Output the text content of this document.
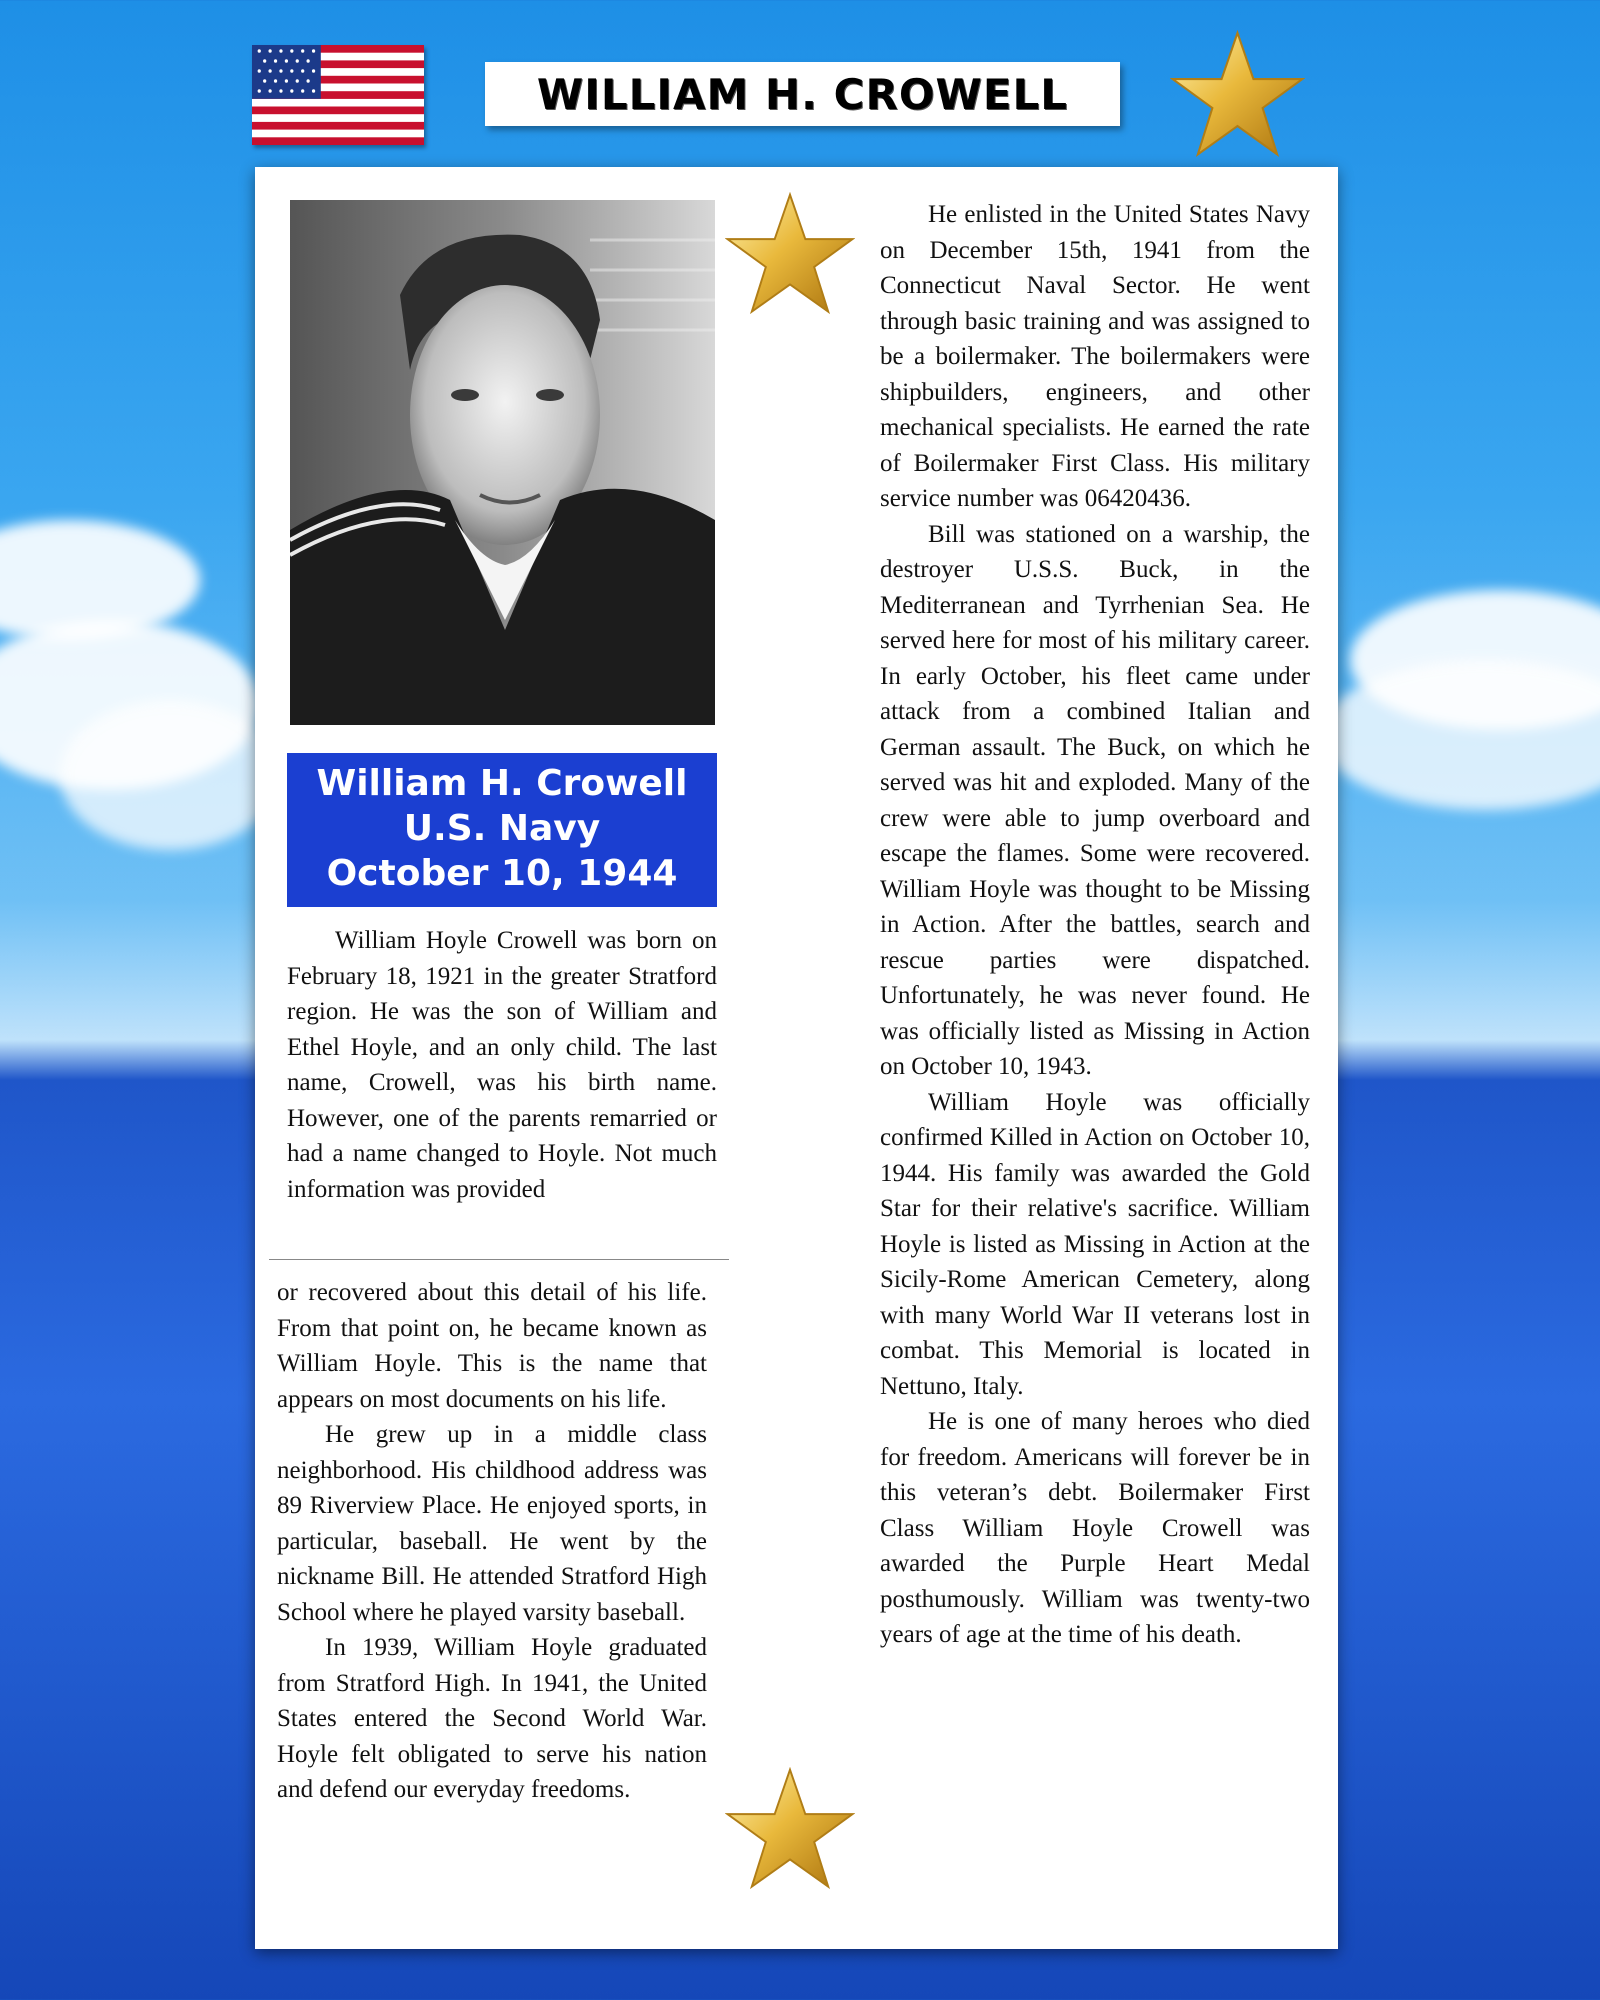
WILLIAM H. CROWELL
William H. Crowell
U.S. Navy
October 10, 1944

William Hoyle Crowell was born on February 18, 1921 in the greater Stratford region. He was the son of William and Ethel Hoyle, and an only child. The last name, Crowell, was his birth name. However, one of the parents remarried or had a name changed to Hoyle. Not much information was provided

or recovered about this detail of his life. From that point on, he became known as William Hoyle. This is the name that appears on most documents on his life.

He grew up in a middle class neighborhood. His childhood address was 89 Riverview Place. He enjoyed sports, in particular, baseball. He went by the nickname Bill. He attended Stratford High School where he played varsity baseball.

In 1939, William Hoyle graduated from Stratford High. In 1941, the United States entered the Second World War. Hoyle felt obligated to serve his nation and defend our everyday freedoms.

He enlisted in the United States Navy on December 15th, 1941 from the Connecticut Naval Sector. He went through basic training and was assigned to be a boilermaker. The boilermakers were shipbuilders, engineers, and other mechanical specialists. He earned the rate of Boilermaker First Class. His military service number was 06420436.

Bill was stationed on a warship, the destroyer U.S.S. Buck, in the Mediterranean and Tyrrhenian Sea. He served here for most of his military career. In early October, his fleet came under attack from a combined Italian and German assault. The Buck, on which he served was hit and exploded. Many of the crew were able to jump overboard and escape the flames. Some were recovered. William Hoyle was thought to be Missing in Action. After the battles, search and rescue parties were dispatched. Unfortunately, he was never found. He was officially listed as Missing in Action on October 10, 1943.

William Hoyle was officially confirmed Killed in Action on October 10, 1944. His family was awarded the Gold Star for their relative's sacrifice. William Hoyle is listed as Missing in Action at the Sicily-Rome American Cemetery, along with many World War II veterans lost in combat. This Memorial is located in Nettuno, Italy.

He is one of many heroes who died for freedom. Americans will forever be in this veteran’s debt. Boilermaker First Class William Hoyle Crowell was awarded the Purple Heart Medal posthumously. William was twenty-two years of age at the time of his death.
